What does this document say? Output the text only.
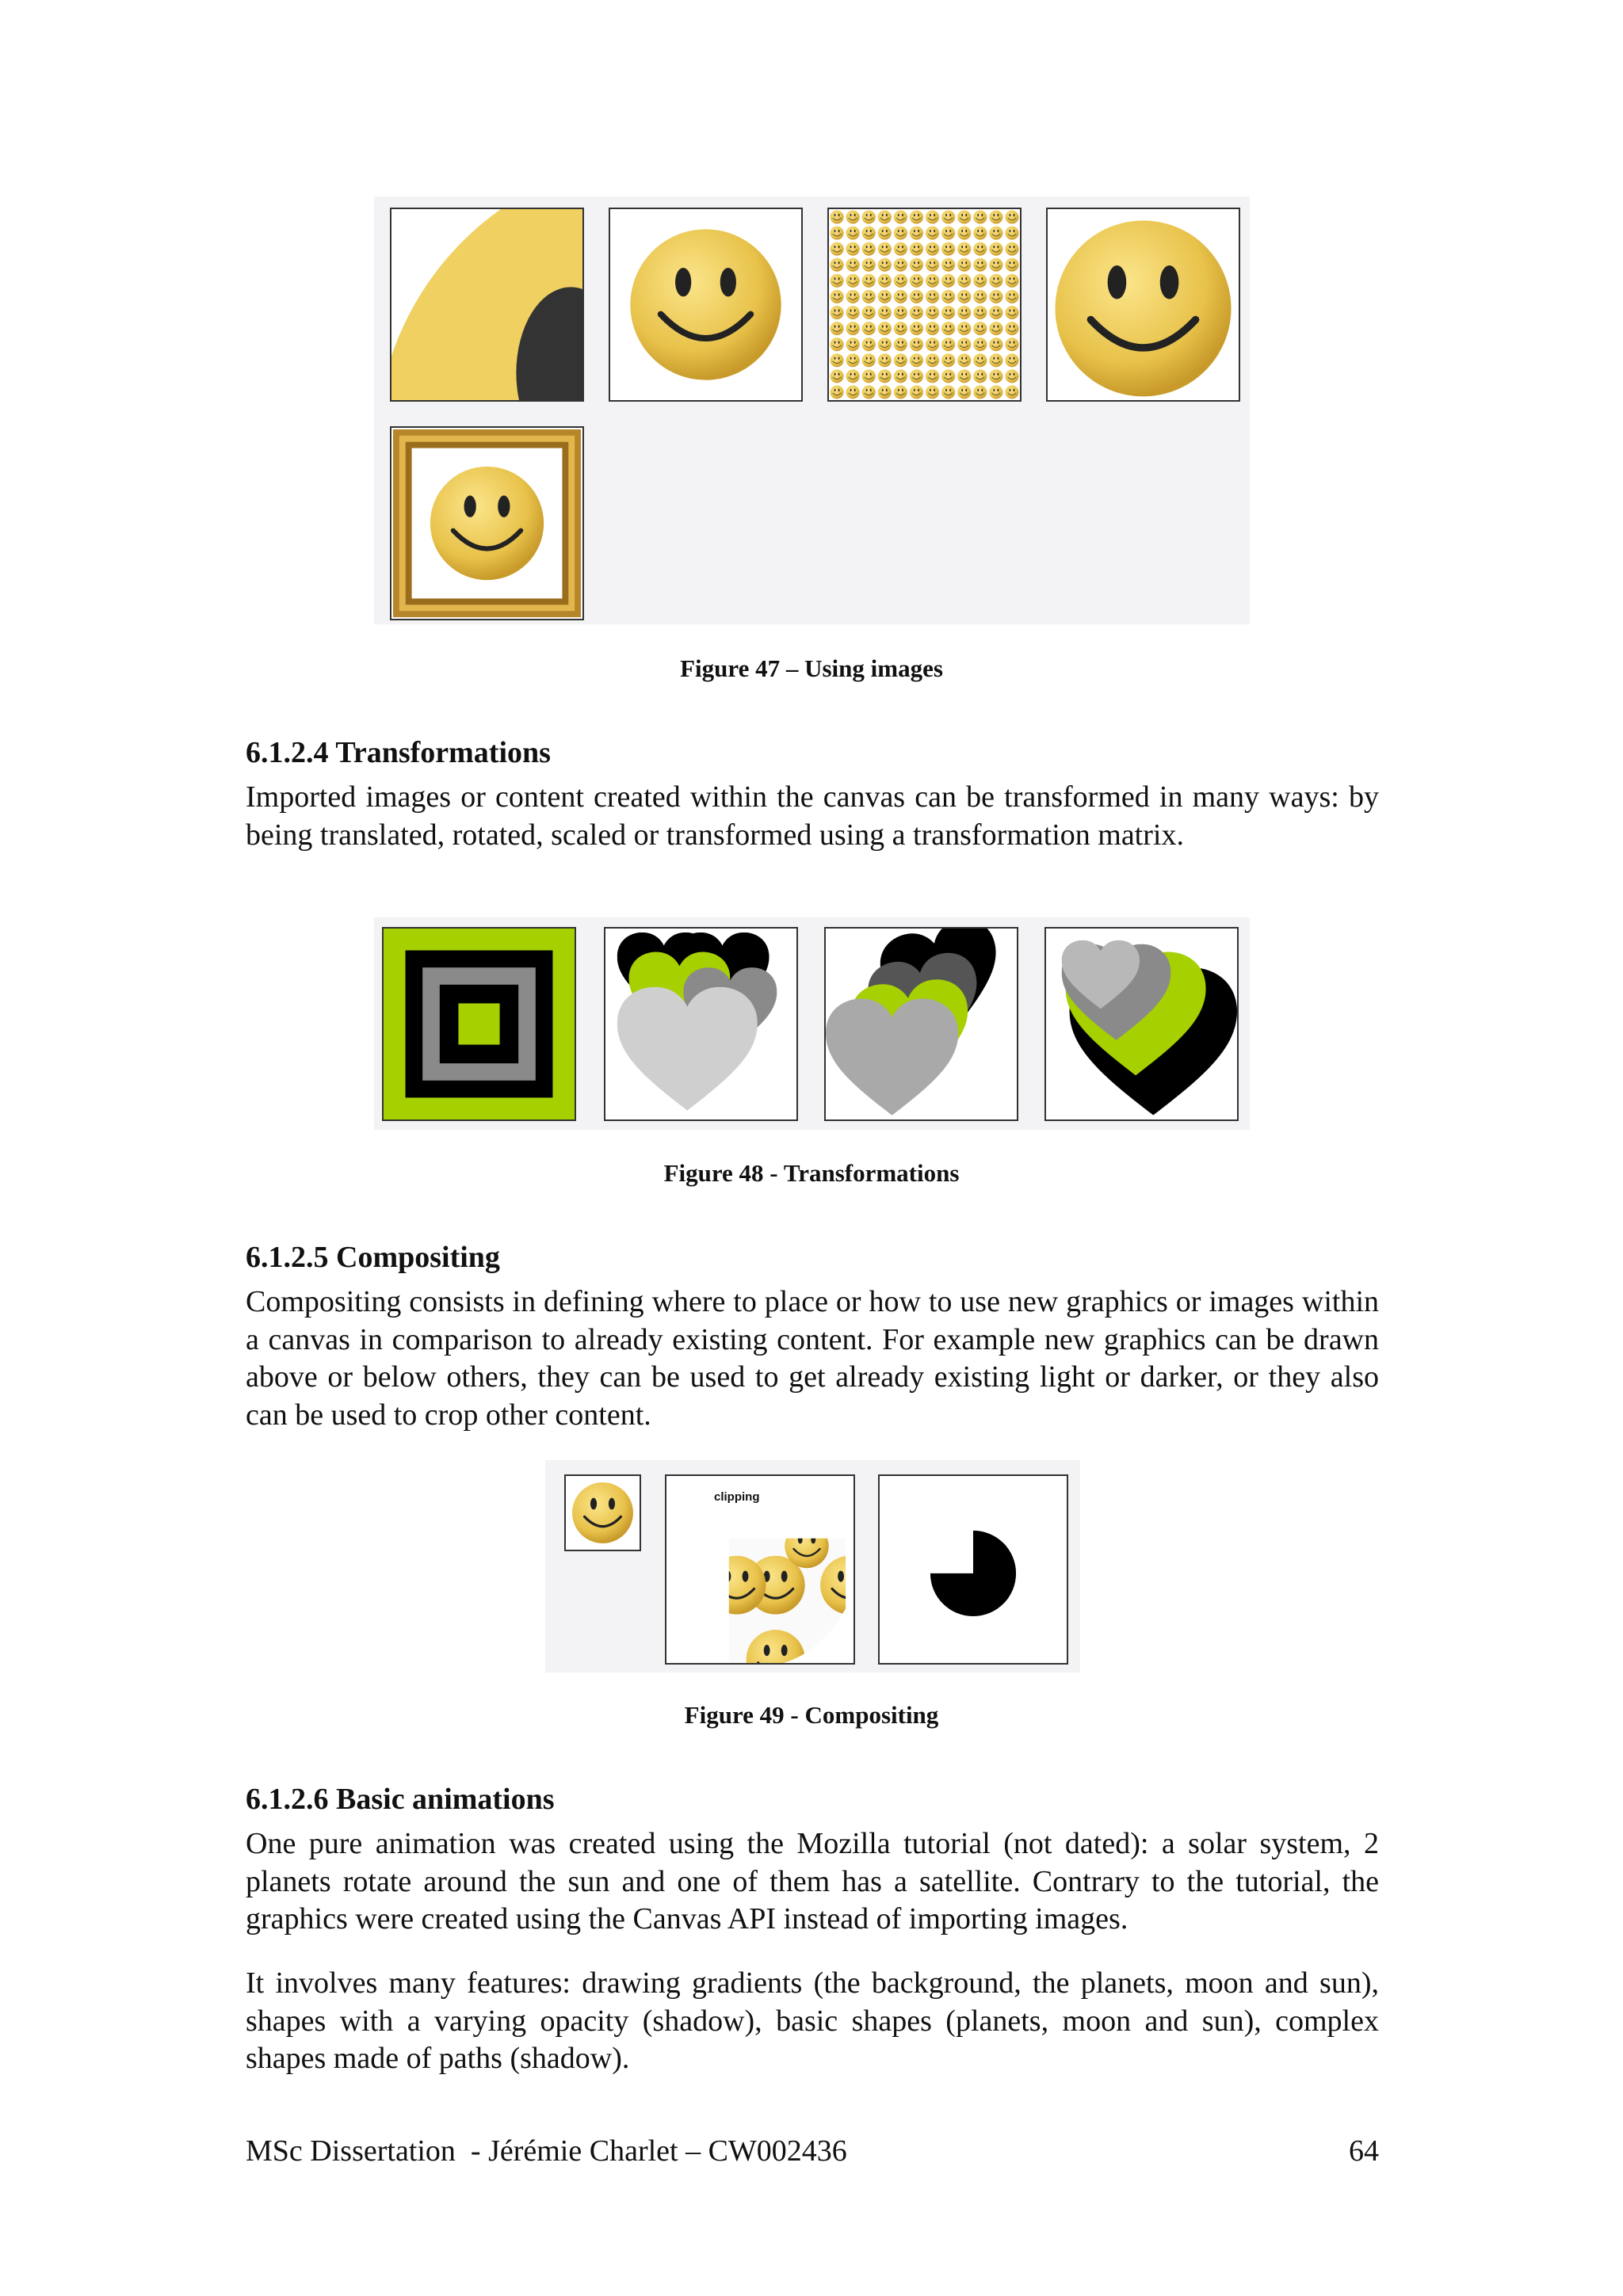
Figure 47 – Using images
6.1.2.4 Transformations

Imported images or content created within the canvas can be transformed in many ways: by being translated, rotated, scaled or transformed using a transformation matrix.

Figure 48 - Transformations
6.1.2.5 Compositing

Compositing consists in defining where to place or how to use new graphics or images within a canvas in comparison to already existing content. For example new graphics can be drawn above or below others, they can be used to get already existing light or darker, or they also can be used to crop other content.

clipping
Figure 49 - Compositing
6.1.2.6 Basic animations

One pure animation was created using the Mozilla tutorial (not dated): a solar system, 2 planets rotate around the sun and one of them has a satellite. Contrary to the tutorial, the graphics were created using the Canvas API instead of importing images.

It involves many features: drawing gradients (the background, the planets, moon and sun), shapes with a varying opacity (shadow), basic shapes (planets, moon and sun), complex shapes made of paths (shadow).

MSc Dissertation  - Jérémie Charlet – CW002436	64
